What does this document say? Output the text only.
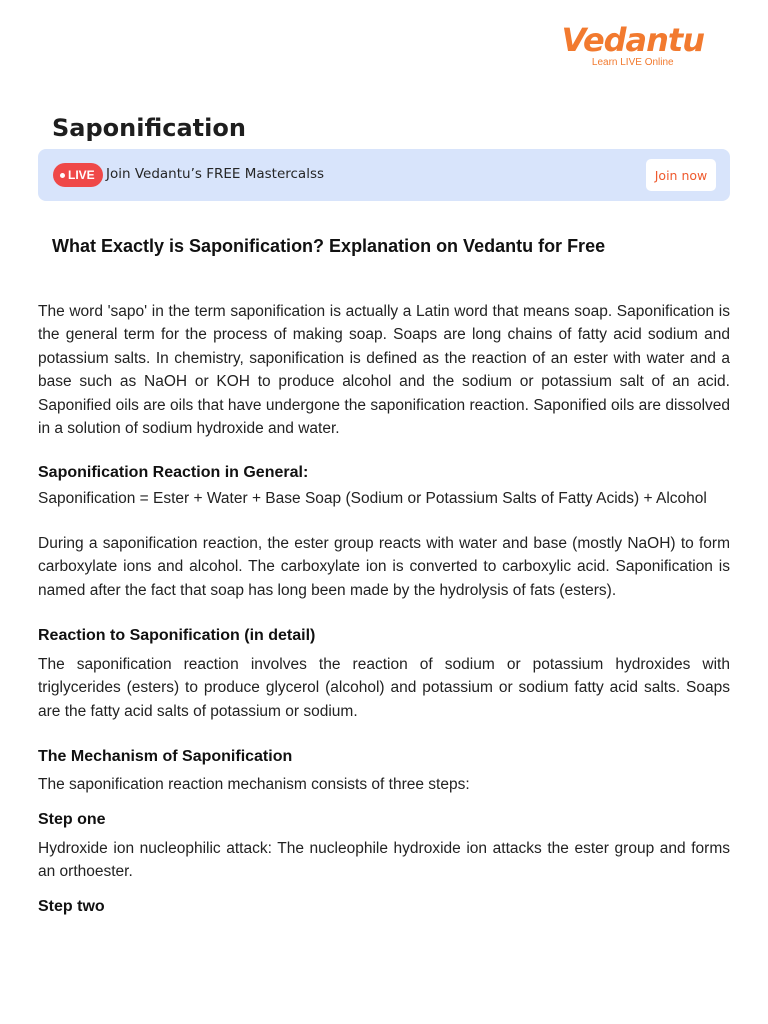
Vedantu
Learn LIVE Online
Saponification
LIVE Join Vedantu’s FREE Mastercalss	Join now
What Exactly is Saponification? Explanation on Vedantu for Free

The word 'sapo' in the term saponification is actually a Latin word that means soap. Saponification is the general term for the process of making soap. Soaps are long chains of fatty acid sodium and potassium salts. In chemistry, saponification is defined as the reaction of an ester with water and a base such as NaOH or KOH to produce alcohol and the sodium or potassium salt of an acid. Saponified oils are oils that have undergone the saponification reaction. Saponified oils are dissolved in a solution of sodium hydroxide and water.

Saponification Reaction in General:

Saponification = Ester + Water + Base Soap (Sodium or Potassium Salts of Fatty Acids) + Alcohol

During a saponification reaction, the ester group reacts with water and base (mostly NaOH) to form carboxylate ions and alcohol. The carboxylate ion is converted to carboxylic acid. Saponification is named after the fact that soap has long been made by the hydrolysis of fats (esters).

Reaction to Saponification (in detail)

The saponification reaction involves the reaction of sodium or potassium hydroxides with triglycerides (esters) to produce glycerol (alcohol) and potassium or sodium fatty acid salts. Soaps are the fatty acid salts of potassium or sodium.

The Mechanism of Saponification

The saponification reaction mechanism consists of three steps:

Step one

Hydroxide ion nucleophilic attack: The nucleophile hydroxide ion attacks the ester group and forms an orthoester.

Step two
